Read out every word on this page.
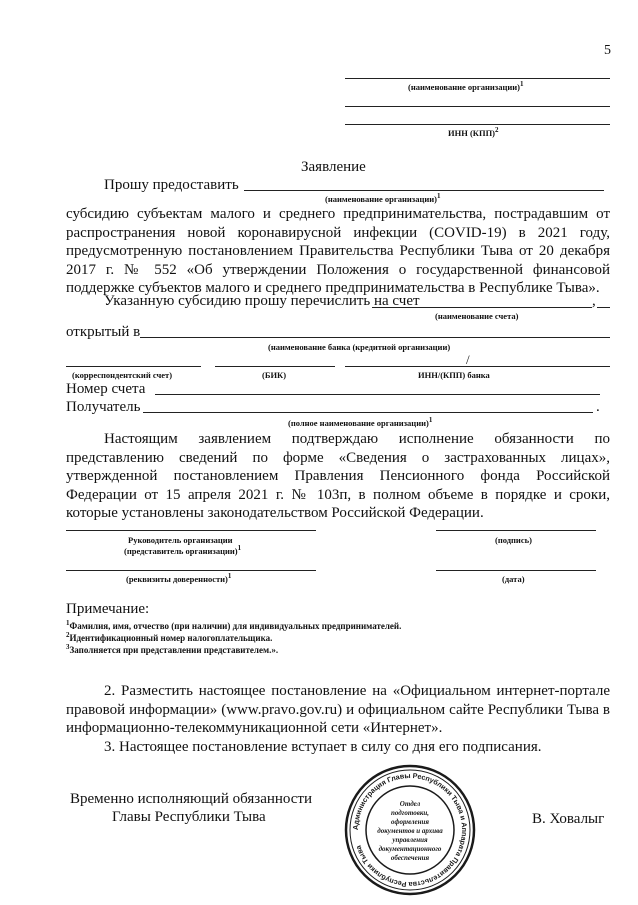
5
(наименование организации)$^1$
ИНН (КПП)$^2$
Заявление
Прошу предоставить
(наименование организации)$^1$
субсидию субъектам малого и среднего предпринимательства, пострадавшим от распространения новой коронавирусной инфекции (COVID-19) в 2021 году, предусмотренную постановлением Правительства Республики Тыва от 20 декабря 2017 г. № 552 «Об утверждении Положения о государственной финансовой поддержке субъектов малого и среднего предпринимательства в Республике Тыва».
Указанную субсидию прошу перечислить на счет	,
(наименование счета)
открытый в
(наименование банка (кредитной организации)
/
(корреспондентский счет)	(БИК)	ИНН/(КПП) банка
Номер счета
Получатель	.
(полное наименование организации)$^1$
Настоящим заявлением подтверждаю исполнение обязанности по представлению сведений по форме «Сведения о застрахованных лицах», утвержденной постановлением Правления Пенсионного фонда Российской Федерации от 15 апреля 2021 г. № 103п, в полном объеме в порядке и сроки, которые установлены законодательством Российской Федерации.
Руководитель организации
(представитель организации)$^1$
(подпись)
(реквизиты доверенности)$^1$	(дата)
Примечание:
$^1$Фамилия, имя, отчество (при наличии) для индивидуальных предпринимателей.
$^2$Идентификационный номер налогоплательщика.
$^3$Заполняется при представлении представителем.».
2. Разместить настоящее постановление на «Официальном интернет-портале правовой информации» (www.pravo.gov.ru) и официальном сайте Республики Тыва в информационно-телекоммуникационной сети «Интернет».
3. Настоящее постановление вступает в силу со дня его подписания.
Временно исполняющий обязанности
Главы Республики Тыва	В. Ховалыг
Администрация Главы Республики Тыва и Аппарата Правительства Республики Тыва
Отдел
подготовки,
оформления
документов и архива
управления
документационного
обеспечения
